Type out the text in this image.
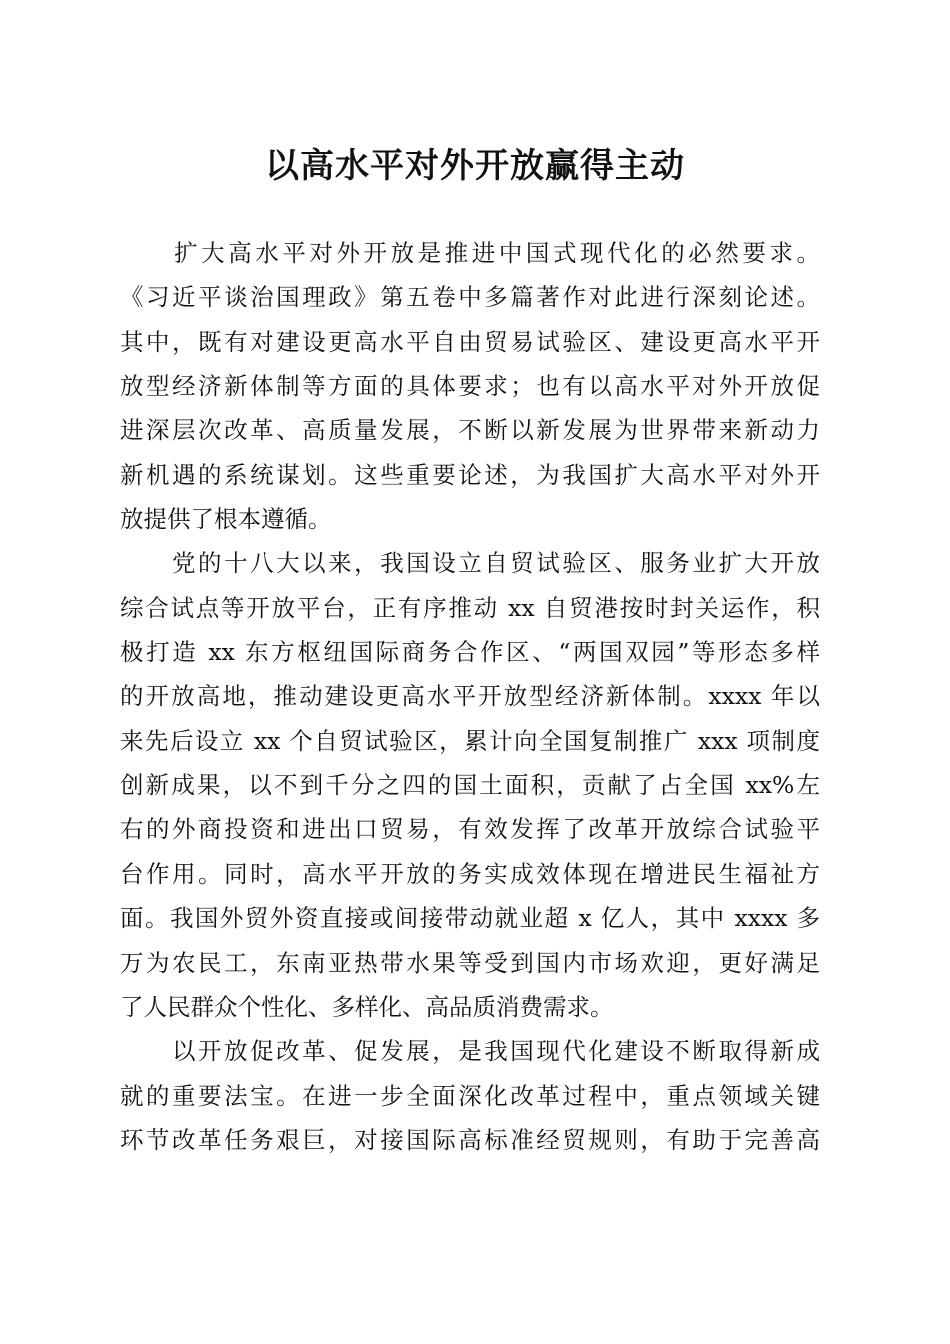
以高水平对外开放赢得主动
　　扩大高水平对外开放是推进中国式现代化的必然要求。
《习近平谈治国理政》第五卷中多篇著作对此进行深刻论述。
其中，既有对建设更高水平自由贸易试验区、建设更高水平开
放型经济新体制等方面的具体要求；也有以高水平对外开放促
进深层次改革、高质量发展，不断以新发展为世界带来新动力
新机遇的系统谋划。这些重要论述，为我国扩大高水平对外开
放提供了根本遵循。
　　党的十八大以来，我国设立自贸试验区、服务业扩大开放
综合试点等开放平台，正有序推动 xx 自贸港按时封关运作，积
极打造 xx 东方枢纽国际商务合作区、“两国双园”等形态多样
的开放高地，推动建设更高水平开放型经济新体制。xxxx 年以
来先后设立 xx 个自贸试验区，累计向全国复制推广 xxx 项制度
创新成果，以不到千分之四的国土面积，贡献了占全国 xx%左
右的外商投资和进出口贸易，有效发挥了改革开放综合试验平
台作用。同时，高水平开放的务实成效体现在增进民生福祉方
面。我国外贸外资直接或间接带动就业超 x 亿人，其中 xxxx 多
万为农民工，东南亚热带水果等受到国内市场欢迎，更好满足
了人民群众个性化、多样化、高品质消费需求。
　　以开放促改革、促发展，是我国现代化建设不断取得新成
就的重要法宝。在进一步全面深化改革过程中，重点领域关键
环节改革任务艰巨，对接国际高标准经贸规则，有助于完善高
